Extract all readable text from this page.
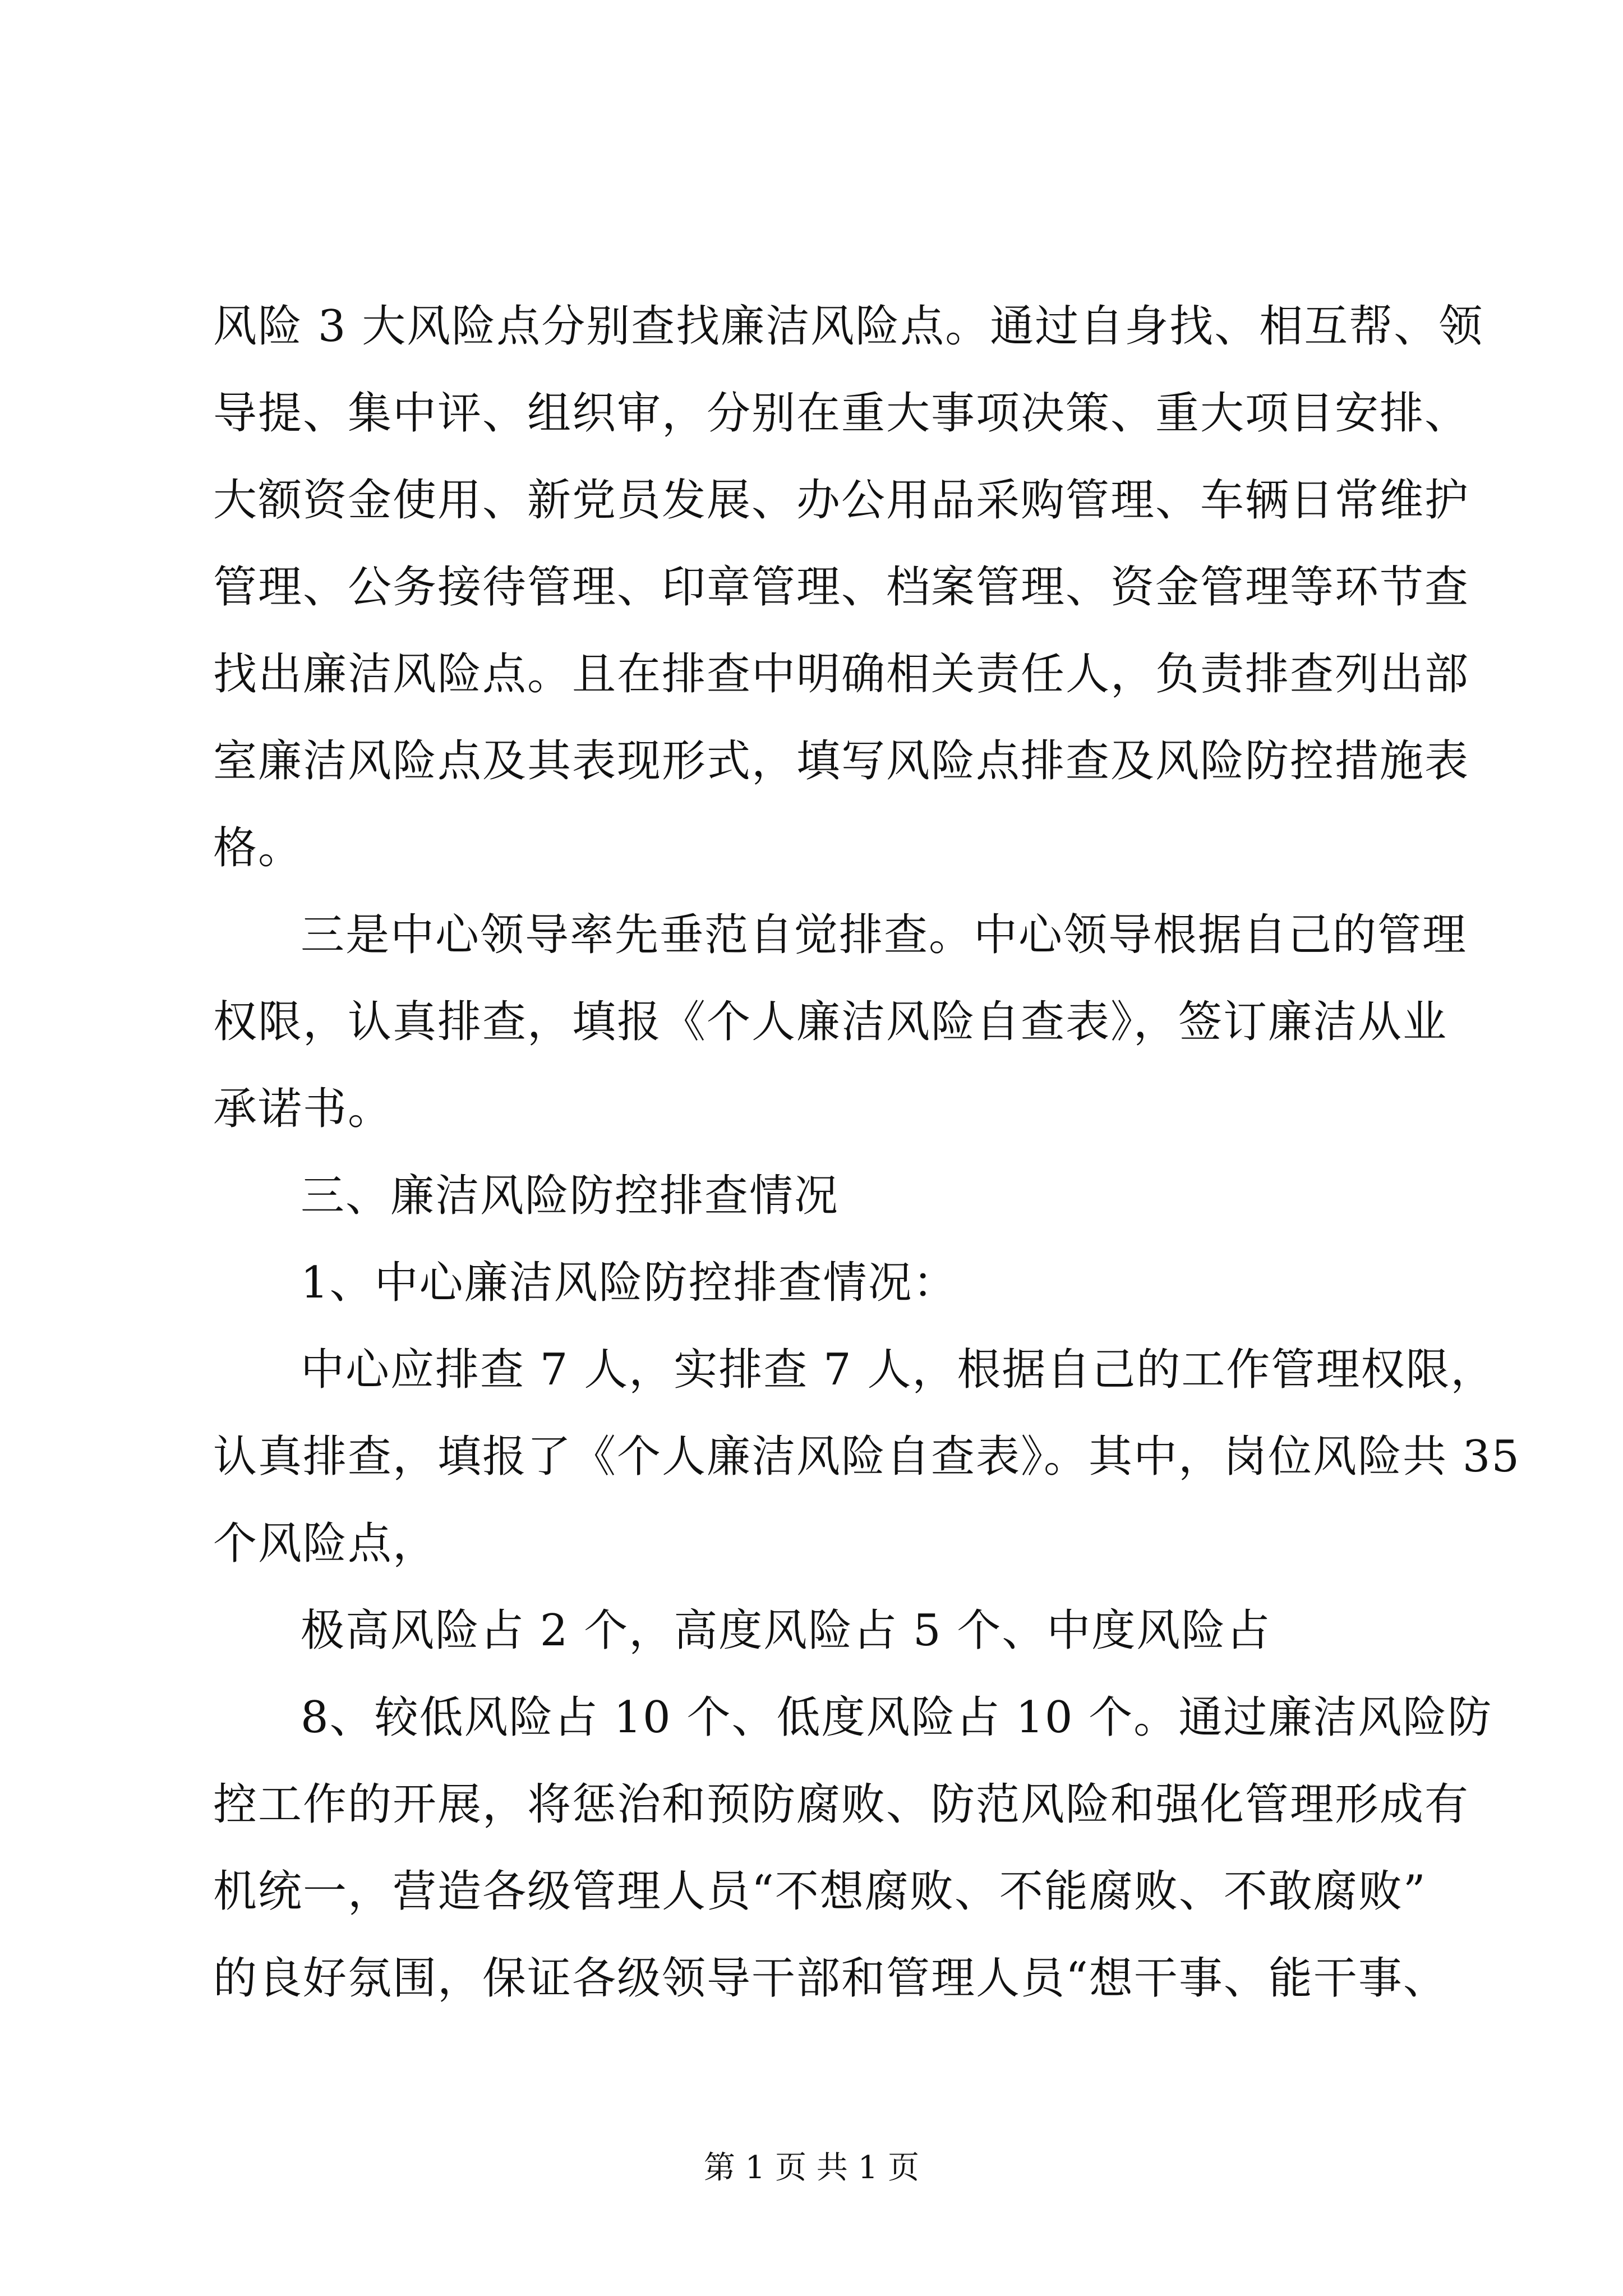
风险 3 大风险点分别查找廉洁风险点。通过自身找、相互帮、领
导提、集中评、组织审，分别在重大事项决策、重大项目安排、
大额资金使用、新党员发展、办公用品采购管理、车辆日常维护
管理、公务接待管理、印章管理、档案管理、资金管理等环节查
找出廉洁风险点。且在排查中明确相关责任人，负责排查列出部
室廉洁风险点及其表现形式，填写风险点排查及风险防控措施表
格。
三是中心领导率先垂范自觉排查。中心领导根据自己的管理
权限，认真排查，填报《个人廉洁风险自查表》，签订廉洁从业
承诺书。
三、廉洁风险防控排查情况
1、中心廉洁风险防控排查情况：
中心应排查 7 人，实排查 7 人，根据自己的工作管理权限，
认真排查，填报了《个人廉洁风险自查表》。其中，岗位风险共 35
个风险点，
极高风险占 2 个，高度风险占 5 个、中度风险占
8、较低风险占 10 个、低度风险占 10 个。通过廉洁风险防
控工作的开展，将惩治和预防腐败、防范风险和强化管理形成有
机统一，营造各级管理人员“不想腐败、不能腐败、不敢腐败”
的良好氛围，保证各级领导干部和管理人员“想干事、能干事、
第 1 页 共 1 页
